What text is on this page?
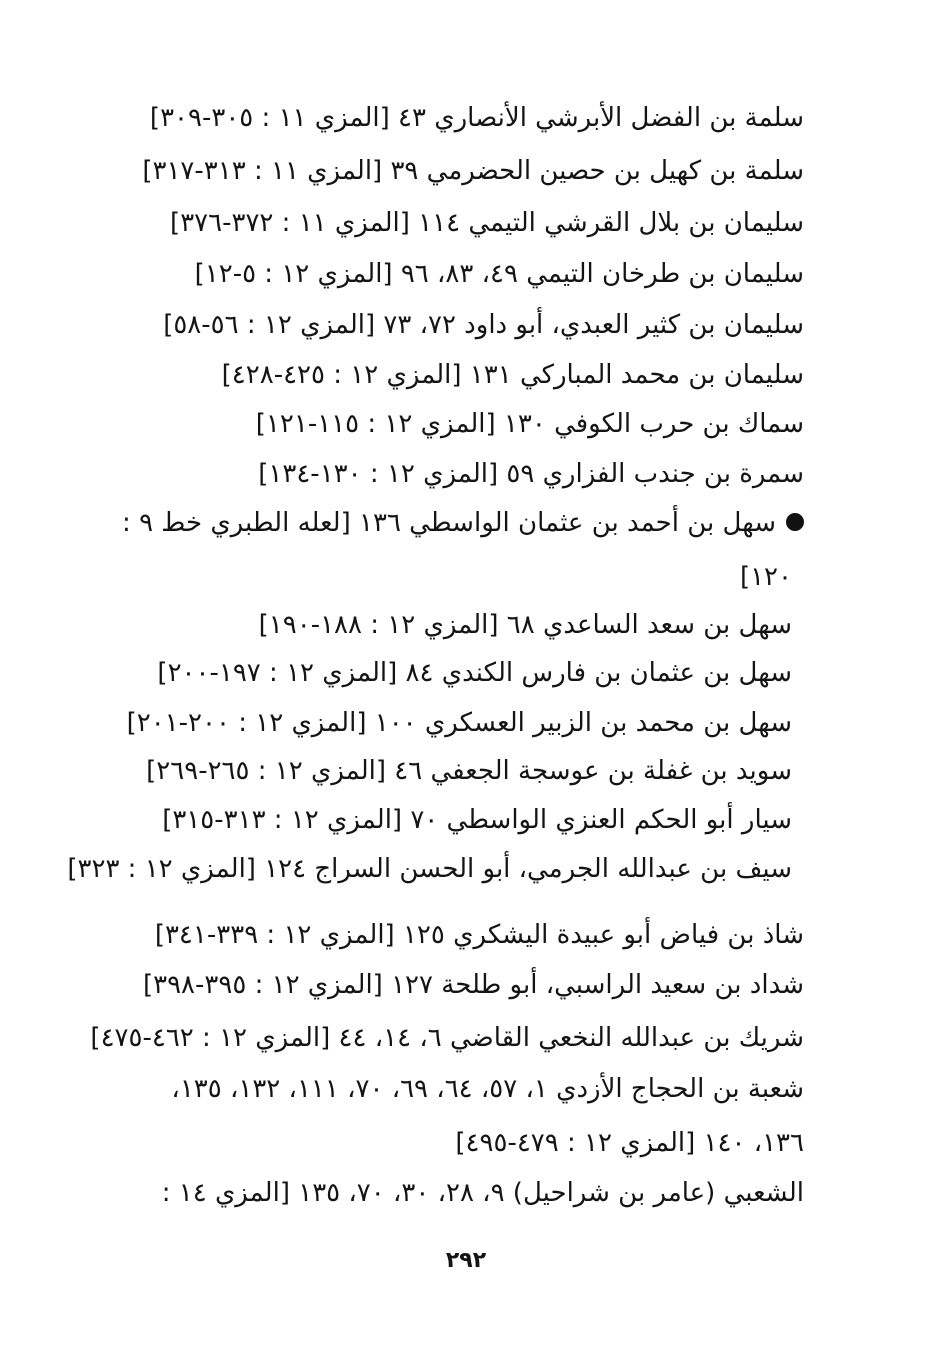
سلمة بن الفضل الأبرشي الأنصاري ٤٣ [المزي ١١ : ٣٠٥-٣٠٩]
سلمة بن كهيل بن حصين الحضرمي ٣٩ [المزي ١١ : ٣١٣-٣١٧]
سليمان بن بلال القرشي التيمي ١١٤ [المزي ١١ : ٣٧٢-٣٧٦]
سليمان بن طرخان التيمي ٤٩، ٨٣، ٩٦ [المزي ١٢ : ٥-١٢]
سليمان بن كثير العبدي، أبو داود ٧٢، ٧٣ [المزي ١٢ : ٥٦-٥٨]
سليمان بن محمد المباركي ١٣١ [المزي ١٢ : ٤٢٥-٤٢٨]
سماك بن حرب الكوفي ١٣٠ [المزي ١٢ : ١١٥-١٢١]
سمرة بن جندب الفزاري ٥٩ [المزي ١٢ : ١٣٠-١٣٤]
سهل بن أحمد بن عثمان الواسطي ١٣٦ [لعله الطبري خط ٩ :
١٢٠]
سهل بن سعد الساعدي ٦٨ [المزي ١٢ : ١٨٨-١٩٠]
سهل بن عثمان بن فارس الكندي ٨٤ [المزي ١٢ : ١٩٧-٢٠٠]
سهل بن محمد بن الزبير العسكري ١٠٠ [المزي ١٢ : ٢٠٠-٢٠١]
سويد بن غفلة بن عوسجة الجعفي ٤٦ [المزي ١٢ : ٢٦٥-٢٦٩]
سيار أبو الحكم العنزي الواسطي ٧٠ [المزي ١٢ : ٣١٣-٣١٥]
سيف بن عبدالله الجرمي، أبو الحسن السراج ١٢٤ [المزي ١٢ : ٣٢٣]
شاذ بن فياض أبو عبيدة اليشكري ١٢٥ [المزي ١٢ : ٣٣٩-٣٤١]
شداد بن سعيد الراسبي، أبو طلحة ١٢٧ [المزي ١٢ : ٣٩٥-٣٩٨]
شريك بن عبدالله النخعي القاضي ٦، ١٤، ٤٤ [المزي ١٢ : ٤٦٢-٤٧٥]
شعبة بن الحجاج الأزدي ١، ٥٧، ٦٤، ٦٩، ٧٠، ١١١، ١٣٢، ١٣٥،
١٣٦، ١٤٠ [المزي ١٢ : ٤٧٩-٤٩٥]
الشعبي (عامر بن شراحيل) ٩، ٢٨، ٣٠، ٧٠، ١٣٥ [المزي ١٤ :
٢٩٢
